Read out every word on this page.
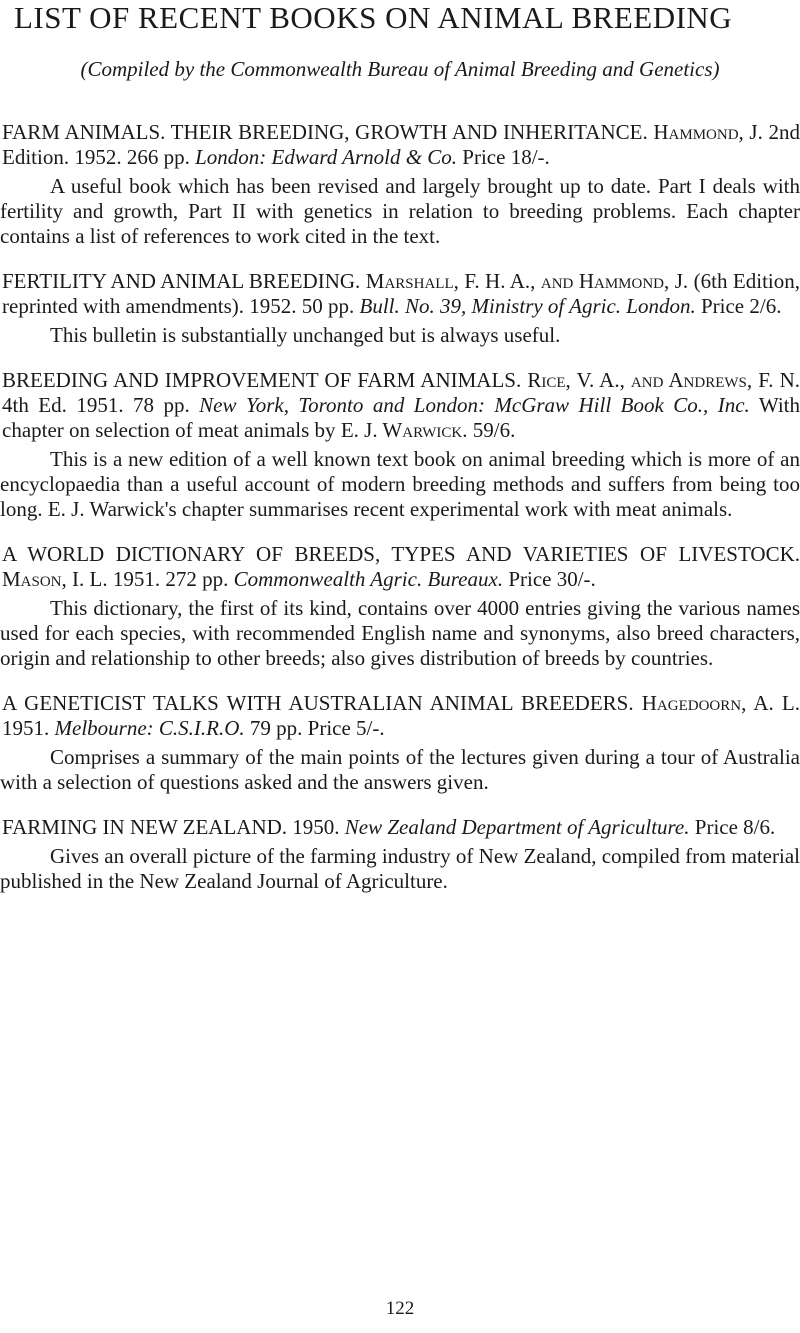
LIST OF RECENT BOOKS ON ANIMAL BREEDING

(Compiled by the Commonwealth Bureau of Animal Breeding and Genetics)

FARM ANIMALS. THEIR BREEDING, GROWTH AND INHERITANCE. Hammond, J. 2nd Edition. 1952. 266 pp. London: Edward Arnold & Co. Price 18/-.

A useful book which has been revised and largely brought up to date. Part I deals with fertility and growth, Part II with genetics in relation to breeding problems. Each chapter contains a list of references to work cited in the text.

FERTILITY AND ANIMAL BREEDING. Marshall, F. H. A., and Hammond, J. (6th Edition, reprinted with amendments). 1952. 50 pp. Bull. No. 39, Ministry of Agric. London. Price 2/6.

This bulletin is substantially unchanged but is always useful.

BREEDING AND IMPROVEMENT OF FARM ANIMALS. Rice, V. A., and Andrews, F. N. 4th Ed. 1951. 78 pp. New York, Toronto and London: McGraw Hill Book Co., Inc. With chapter on selection of meat animals by E. J. Warwick. 59/6.

This is a new edition of a well known text book on animal breeding which is more of an encyclopaedia than a useful account of modern breeding methods and suffers from being too long. E. J. Warwick's chapter summarises recent experimental work with meat animals.

A WORLD DICTIONARY OF BREEDS, TYPES AND VARIETIES OF LIVESTOCK. Mason, I. L. 1951. 272 pp. Commonwealth Agric. Bureaux. Price 30/-.

This dictionary, the first of its kind, contains over 4000 entries giving the various names used for each species, with recommended English name and synonyms, also breed characters, origin and relationship to other breeds; also gives distribution of breeds by countries.

A GENETICIST TALKS WITH AUSTRALIAN ANIMAL BREEDERS. Hagedoorn, A. L. 1951. Melbourne: C.S.I.R.O. 79 pp. Price 5/-.

Comprises a summary of the main points of the lectures given during a tour of Australia with a selection of questions asked and the answers given.

FARMING IN NEW ZEALAND. 1950. New Zealand Department of Agriculture. Price 8/6.

Gives an overall picture of the farming industry of New Zealand, compiled from material published in the New Zealand Journal of Agriculture.

122
